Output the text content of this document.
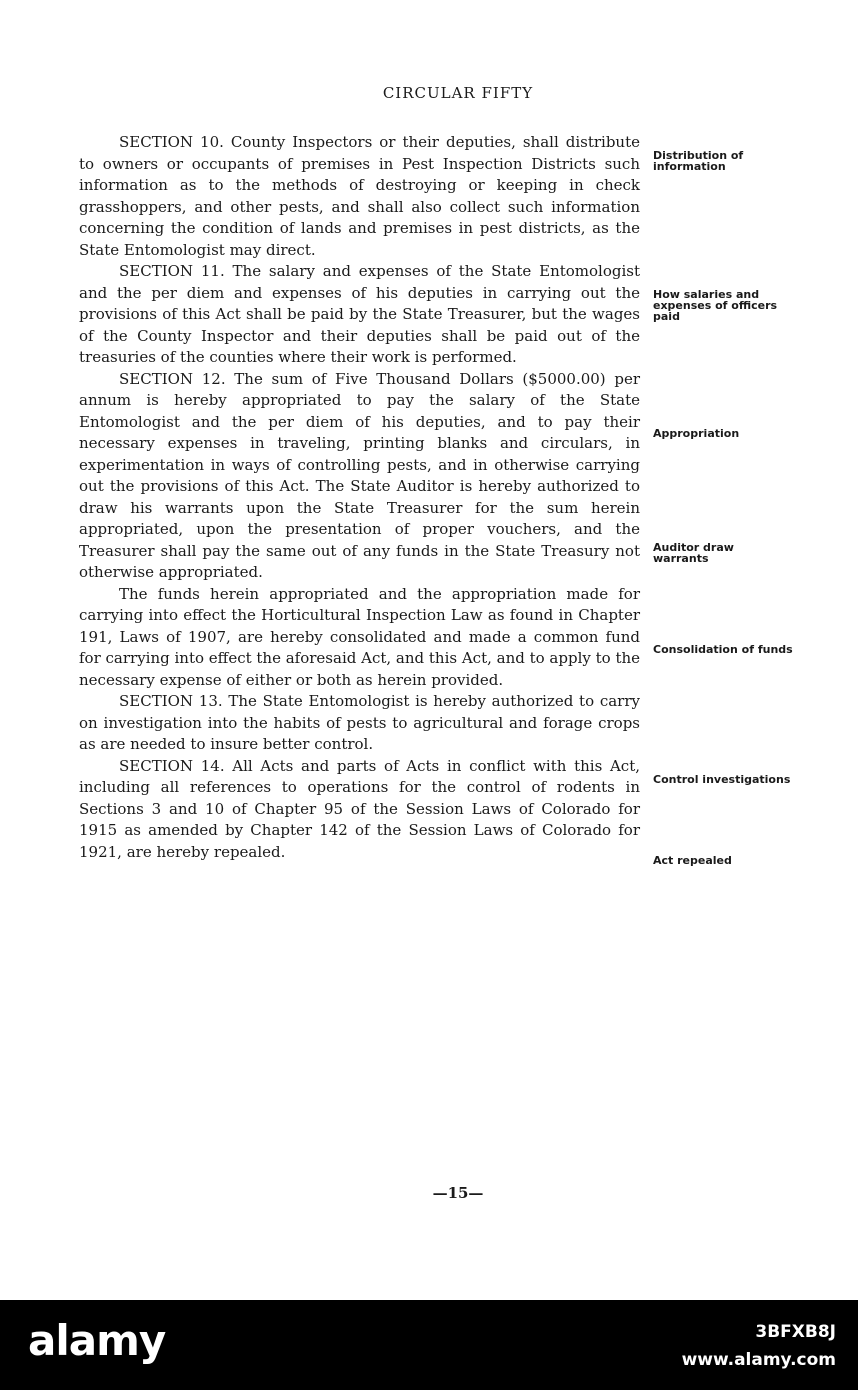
CIRCULAR FIFTY

SECTION 10. County Inspectors or their deputies, shall distribute to owners or occupants of premises in Pest Inspection Districts such information as to the methods of destroying or keeping in check grasshoppers, and other pests, and shall also collect such information concerning the condition of lands and premises in pest districts, as the State Entomologist may direct.

SECTION 11. The salary and expenses of the State Entomologist and the per diem and expenses of his deputies in carrying out the provisions of this Act shall be paid by the State Treasurer, but the wages of the County Inspector and their deputies shall be paid out of the treasuries of the counties where their work is performed.

SECTION 12. The sum of Five Thousand Dollars ($5000.00) per annum is hereby appropriated to pay the salary of the State Entomologist and the per diem of his deputies, and to pay their necessary expenses in traveling, printing blanks and circulars, in experimentation in ways of controlling pests, and in otherwise carrying out the provisions of this Act. The State Auditor is hereby authorized to draw his warrants upon the State Treasurer for the sum herein appropriated, upon the presentation of proper vouchers, and the Treasurer shall pay the same out of any funds in the State Treasury not otherwise appropriated.

The funds herein appropriated and the appropriation made for carrying into effect the Horticultural Inspection Law as found in Chapter 191, Laws of 1907, are hereby consolidated and made a common fund for carrying into effect the aforesaid Act, and this Act, and to apply to the necessary expense of either or both as herein provided.

SECTION 13. The State Entomologist is hereby authorized to carry on investigation into the habits of pests to agricultural and forage crops as are needed to insure better control.

SECTION 14. All Acts and parts of Acts in conflict with this Act, including all references to operations for the control of rodents in Sections 3 and 10 of Chapter 95 of the Session Laws of Colorado for 1915 as amended by Chapter 142 of the Session Laws of Colorado for 1921, are hereby repealed.

Distribution of information
How salaries and expenses of officers paid
Appropriation
Auditor draw warrants
Consolidation of funds
Control investigations
Act repealed
—15—
alamy	3BFXB8J
www.alamy.com
